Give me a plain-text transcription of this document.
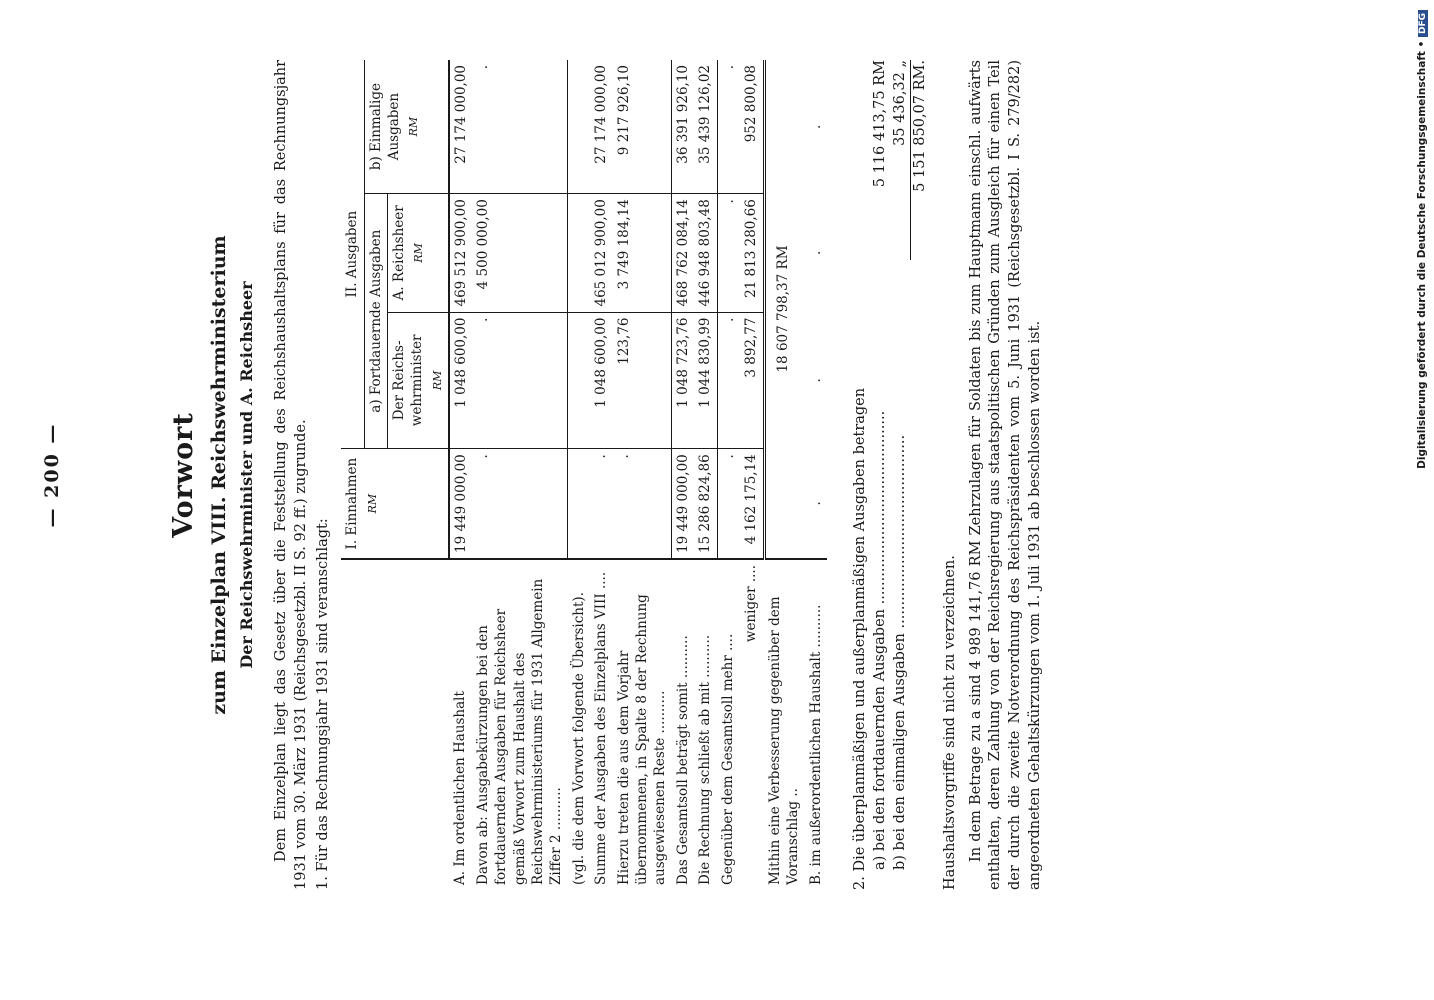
— 200 —	Vorwort zum Einzelplan VIII. Reichswehrministerium Der Reichswehrminister und A. Reichsheer Dem Einzelplan liegt das Gesetz über die Feststellung des Reichshaushaltsplans für das Rechnungsjahr 1931 vom 30. März 1931 (Reichsgesetzbl. II S. 92 ff.) zugrunde. 1. Für das Rechnungsjahr 1931 sind veranschlagt:
	I. Einnahmen RM	II. Ausgaben		
		a) Fortdauernde Ausgaben		b) Einmalige Ausgaben RM

		Der Reichs- wehrminister RM	A. Reichsheer RM	

A. Im ordentlichen Haushalt	19 449 000,00	1 048 600,00	469 512 900,00	27 174 000,00
Davon ab: Ausgabekürzungen bei den fortdauernden Ausgaben für Reichsheer gemäß Vorwort zum Haushalt des Reichswehrministeriums für 1931 Allgemein Ziffer 2 ..........	.	.	4 500 000,00	.
(vgl. die dem Vorwort folgende Übersicht).				
Summe der Ausgaben des Einzelplans VIII ....	.	1 048 600,00	465 012 900,00	27 174 000,00
Hierzu treten die aus dem Vorjahr übernommenen, in Spalte 8 der Rechnung ausgewiesenen Reste ..........	.	123,76	3 749 184,14	9 217 926,10
Das Gesamtsoll beträgt somit ..........	19 449 000,00	1 048 723,76	468 762 084,14	36 391 926,10
Die Rechnung schließt ab mit ..........	15 286 824,86	1 044 830,99	446 948 803,48	35 439 126,02
Gegenüber dem Gesamtsoll mehr ....	.	.	.	.
weniger ....	4 162 175,14	3 892,77	21 813 280,66	952 800,08
Mithin eine Verbesserung gegenüber dem Voranschlag ..	18 607 798,37 RM			
B. im außerordentlichen Haushalt ..........	.	.	.	.
2. Die überplanmäßigen und außerplanmäßigen Ausgaben betragen a) bei den fortdauernden Ausgaben ..........................................
5 116 413,75 RM
b) bei den einmaligen Ausgaben ..........................................
35 436,32 „ 5 151 850,07 RM.
Haushaltsvorgriffe sind nicht zu verzeichnen. In dem Betrage zu a sind 4 989 141,76 RM Zehrzulagen für Soldaten bis zum Hauptmann einschl. aufwärts enthalten, deren Zahlung von der Reichsregierung aus staatspolitischen Gründen zum Ausgleich für einen Teil der durch die zweite Notverordnung des Reichspräsidenten vom 5. Juni 1931 (Reichsgesetzbl. I S. 279/282) angeordneten Gehaltskürzungen vom 1. Juli 1931 ab beschlossen worden ist.
Digitalisierung gefördert durch die Deutsche Forschungsgemeinschaft • DFG
